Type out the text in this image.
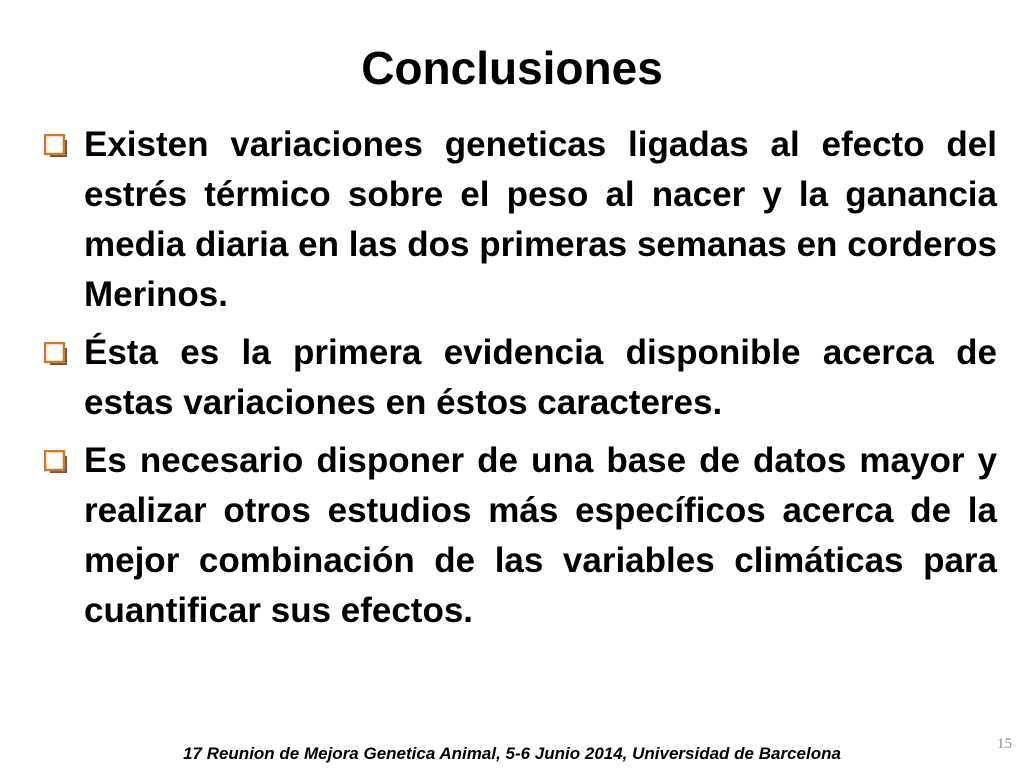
Conclusiones
Existen variaciones geneticas ligadas al efecto del estrés térmico sobre el peso al nacer y la ganancia media diaria en las dos primeras semanas en corderos Merinos.
Ésta es la primera evidencia disponible acerca de estas variaciones en éstos caracteres.
Es necesario disponer de una base de datos mayor y realizar otros estudios más específicos acerca de la mejor combinación de las variables climáticas para cuantificar sus efectos.
17 Reunion de Mejora Genetica Animal, 5-6 Junio 2014, Universidad de Barcelona	15
